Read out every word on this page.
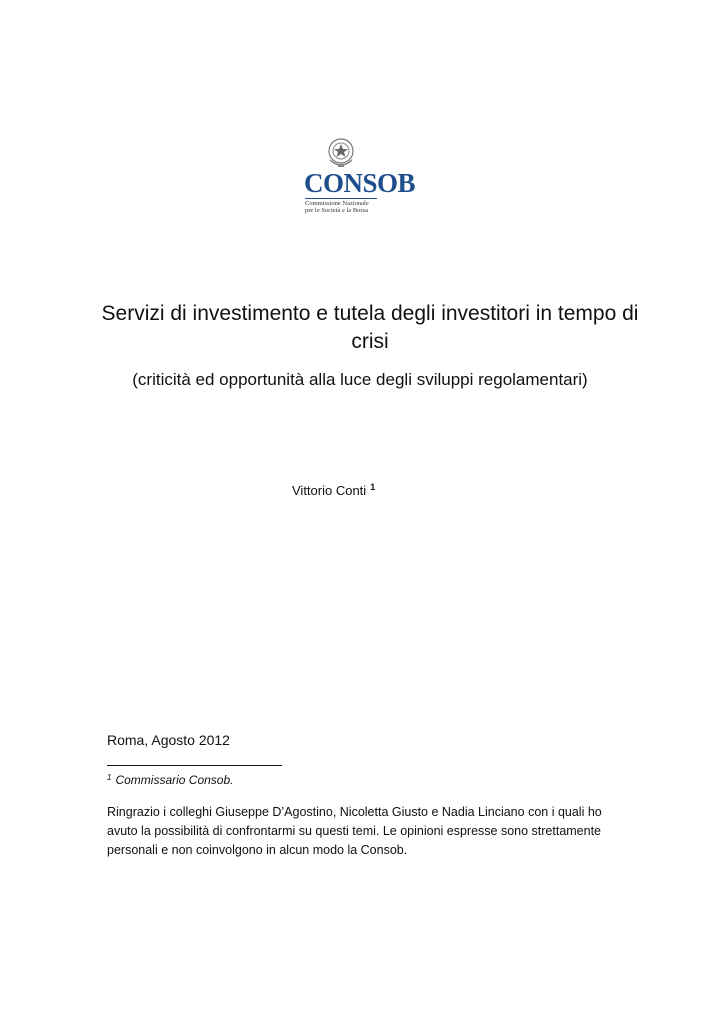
CONSOB
Commissione Nazionale
per le Società e la Borsa
Servizi di investimento e tutela degli investitori in tempo di crisi

(criticità ed opportunità alla luce degli sviluppi regolamentari)

Vittorio Conti $^1$
Roma, Agosto 2012
$^1$ Commissario Consob.

Ringrazio i colleghi Giuseppe D’Agostino, Nicoletta Giusto e Nadia Linciano con i quali ho avuto la possibilità di confrontarmi su questi temi. Le opinioni espresse sono strettamente personali e non coinvolgono in alcun modo la Consob.
